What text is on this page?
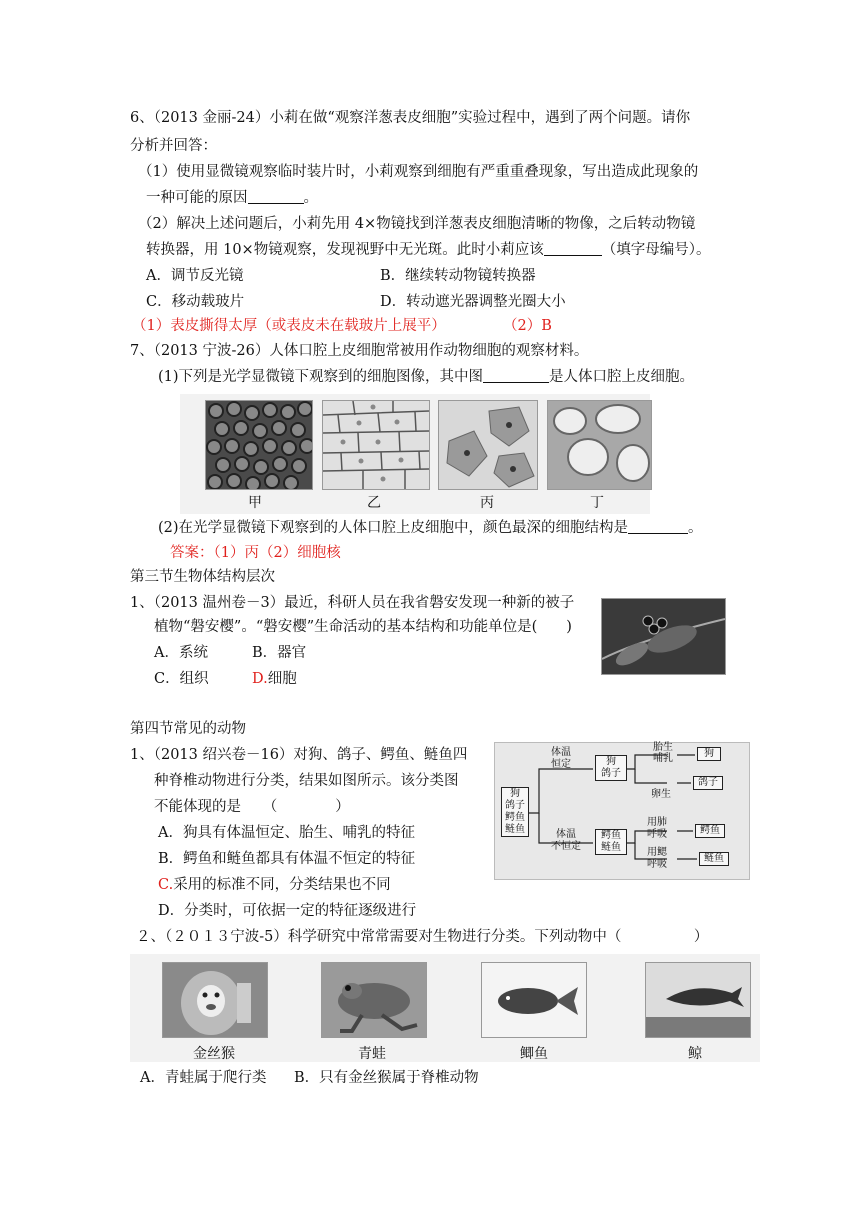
6、（2013 金丽-24）小莉在做“观察洋葱表皮细胞”实验过程中，遇到了两个问题。请你
分析并回答：
（1）使用显微镜观察临时装片时，小莉观察到细胞有严重重叠现象，写出造成此现象的
一种可能的原因	。
（2）解决上述问题后，小莉先用 4×物镜找到洋葱表皮细胞清晰的物像，之后转动物镜
转换器，用 10×物镜观察，发现视野中无光斑。此时小莉应该	（填字母编号）。
A．调节反光镜	B．继续转动物镜转换器
C．移动载玻片	D．转动遮光器调整光圈大小
（1）表皮撕得太厚（或表皮未在载玻片上展平）	（2）B
7、（2013 宁波-26）人体口腔上皮细胞常被用作动物细胞的观察材料。
(1)下列是光学显微镜下观察到的细胞图像，其中图	是人体口腔上皮细胞。
甲	乙	丙	丁
(2)在光学显微镜下观察到的人体口腔上皮细胞中，颜色最深的细胞结构是	。
答案：（1）丙（2）细胞核
第三节生物体结构层次
1、（2013 温州卷－3）最近，科研人员在我省磐安发现一种新的被子
植物“磐安樱”。“磐安樱”生命活动的基本结构和功能单位是(　　)
A．系统	B．器官
C．组织	D.细胞
第四节常见的动物
1、（2013 绍兴卷－16）对狗、鸽子、鳄鱼、鲢鱼四
种脊椎动物进行分类，结果如图所示。该分类图
不能体现的是　　（　　　　）
A．狗具有体温恒定、胎生、哺乳的特征
B．鳄鱼和鲢鱼都具有体温不恒定的特征
C.采用的标准不同，分类结果也不同
D．分类时，可依据一定的特征逐级进行
狗
鸽子
鳄鱼
鲢鱼
体温
恒定	狗
鸽子
胎生
哺乳
卵生
狗
鸽子
体温
不恒定
鳄鱼
鲢鱼
用肺
呼吸
用鳃
呼吸
鳄鱼
鲢鱼
２、（２０１３宁波-5）科学研究中常常需要对生物进行分类。下列动物中（　　　　　）
金丝猴	青蛙	鲫鱼	鲸
A．青蛙属于爬行类 B．只有金丝猴属于脊椎动物
